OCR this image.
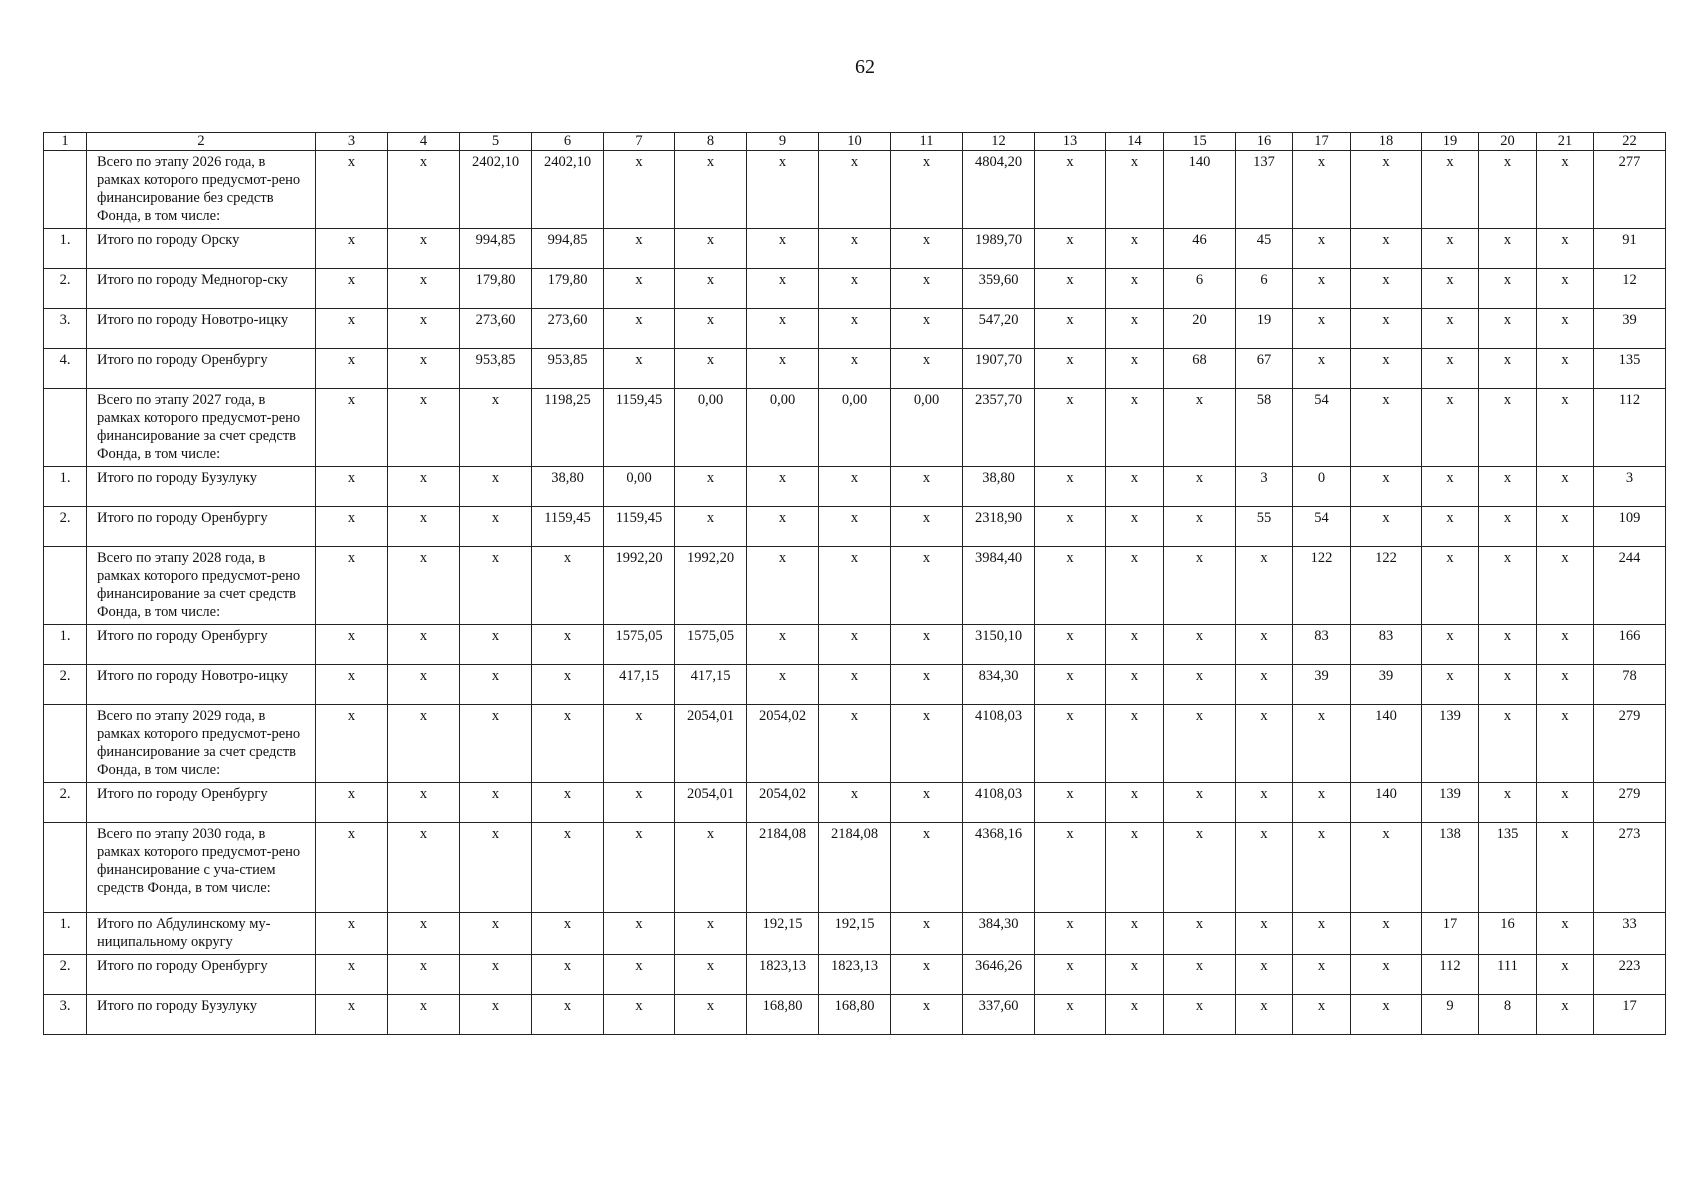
62
1	2	3	4	5	6	7	8	9	10	11	12	13	14	15	16	17	18	19	20	21	22
	Всего по этапу 2026 года, в рамках которого предусмот-рено финансирование без средств Фонда, в том числе:	х	х	2402,10	2402,10	х	х	х	х	х	4804,20	х	х	140	137	х	х	х	х	х	277
1.	Итого по городу Орску	х	х	994,85	994,85	х	х	х	х	х	1989,70	х	х	46	45	х	х	х	х	х	91
2.	Итого по городу Медногор-ску	х	х	179,80	179,80	х	х	х	х	х	359,60	х	х	6	6	х	х	х	х	х	12
3.	Итого по городу Новотро-ицку	х	х	273,60	273,60	х	х	х	х	х	547,20	х	х	20	19	х	х	х	х	х	39
4.	Итого по городу Оренбургу	х	х	953,85	953,85	х	х	х	х	х	1907,70	х	х	68	67	х	х	х	х	х	135
	Всего по этапу 2027 года, в рамках которого предусмот-рено финансирование за счет средств Фонда, в том числе:	х	х	х	1198,25	1159,45	0,00	0,00	0,00	0,00	2357,70	х	х	х	58	54	х	х	х	х	112
1.	Итого по городу Бузулуку	х	х	х	38,80	0,00	х	х	х	х	38,80	х	х	х	3	0	х	х	х	х	3
2.	Итого по городу Оренбургу	х	х	х	1159,45	1159,45	х	х	х	х	2318,90	х	х	х	55	54	х	х	х	х	109
	Всего по этапу 2028 года, в рамках которого предусмот-рено финансирование за счет средств Фонда, в том числе:	х	х	х	х	1992,20	1992,20	х	х	х	3984,40	х	х	х	х	122	122	х	х	х	244
1.	Итого по городу Оренбургу	х	х	х	х	1575,05	1575,05	х	х	х	3150,10	х	х	х	х	83	83	х	х	х	166
2.	Итого по городу Новотро-ицку	х	х	х	х	417,15	417,15	х	х	х	834,30	х	х	х	х	39	39	х	х	х	78
	Всего по этапу 2029 года, в рамках которого предусмот-рено финансирование за счет средств Фонда, в том числе:	х	х	х	х	х	2054,01	2054,02	х	х	4108,03	х	х	х	х	х	140	139	х	х	279
2.	Итого по городу Оренбургу	х	х	х	х	х	2054,01	2054,02	х	х	4108,03	х	х	х	х	х	140	139	х	х	279
	Всего по этапу 2030 года, в рамках которого предусмот-рено финансирование с уча-стием средств Фонда, в том числе:	х	х	х	х	х	х	2184,08	2184,08	х	4368,16	х	х	х	х	х	х	138	135	х	273
1.	Итого по Абдулинскому му-ниципальному округу	х	х	х	х	х	х	192,15	192,15	х	384,30	х	х	х	х	х	х	17	16	х	33
2.	Итого по городу Оренбургу	х	х	х	х	х	х	1823,13	1823,13	х	3646,26	х	х	х	х	х	х	112	111	х	223
3.	Итого по городу Бузулуку	х	х	х	х	х	х	168,80	168,80	х	337,60	х	х	х	х	х	х	9	8	х	17
